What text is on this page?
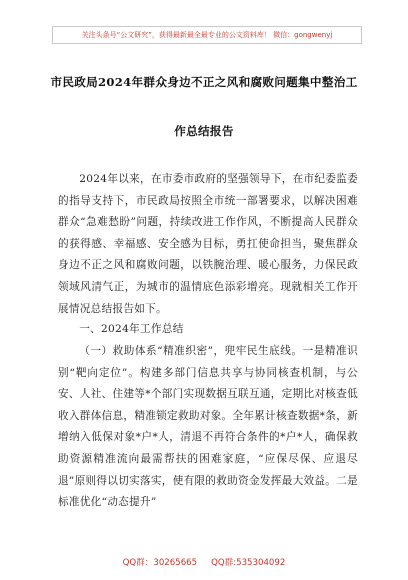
关注头条号“公文研究”，获得最新最全最专业的公文资料库！ 微信：gongwenyj
市民政局2024年群众身边不正之风和腐败问题集中整治工
作总结报告

2024年以来，在市委市政府的坚强领导下，在市纪委监委的指导支持下，市民政局按照全市统一部署要求，以解决困难群众“急难愁盼”问题，持续改进工作作风，不断提高人民群众的获得感、幸福感、安全感为目标，勇扛使命担当，聚焦群众身边不正之风和腐败问题，以铁腕治理、暖心服务，力保民政领域风清气正，为城市的温情底色添彩增亮。现就相关工作开展情况总结报告如下。

一、2024年工作总结

（一）救助体系“精准织密”，兜牢民生底线。一是精准识别“靶向定位”。构建多部门信息共享与协同核查机制，与公安、人社、住建等*个部门实现数据互联互通，定期比对核查低收入群体信息，精准锁定救助对象。全年累计核查数据*条，新增纳入低保对象*户*人，清退不再符合条件的*户*人，确保救助资源精准流向最需帮扶的困难家庭，“应保尽保、应退尽退”原则得以切实落实，使有限的救助资金发挥最大效益。二是标准优化“动态提升”

QQ群：30265665 QQ群:535304092
